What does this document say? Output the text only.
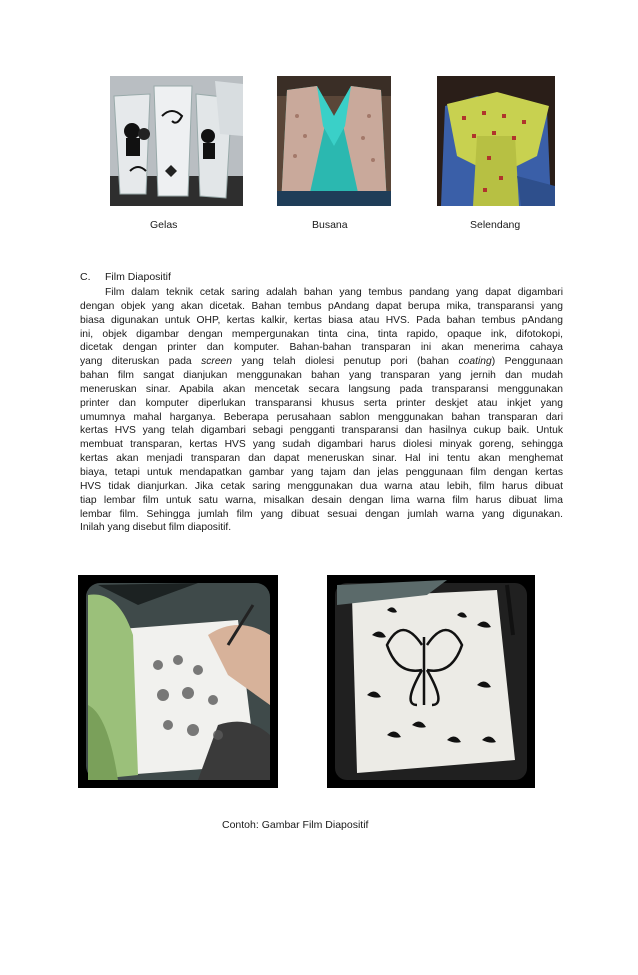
Gelas	Busana	Selendang
C. Film Diapositif
Film dalam teknik cetak saring adalah bahan yang tembus pandang yang dapat digambari
dengan objek yang akan dicetak. Bahan tembus pAndang dapat berupa mika, transparansi yang
biasa digunakan untuk OHP, kertas kalkir, kertas biasa atau HVS. Pada bahan tembus pAndang
ini, objek digambar dengan mempergunakan tinta cina, tinta rapido, opaque ink, difotokopi,
dicetak dengan printer dan komputer. Bahan-bahan transparan ini akan menerima cahaya
yang diteruskan pada screen yang telah diolesi penutup pori (bahan coating) Penggunaan
bahan film sangat dianjukan menggunakan bahan yang transparan yang jernih dan mudah
meneruskan sinar. Apabila akan mencetak secara langsung pada transparansi menggunakan
printer dan komputer diperlukan transparansi khusus serta printer deskjet atau inkjet yang
umumnya mahal harganya. Beberapa perusahaan sablon menggunakan bahan transparan dari
kertas HVS yang telah digambari sebagi pengganti transparansi dan hasilnya cukup baik. Untuk
membuat transparan, kertas HVS yang sudah digambari harus diolesi minyak goreng, sehingga
kertas akan menjadi transparan dan dapat meneruskan sinar. Hal ini tentu akan menghemat
biaya, tetapi untuk mendapatkan gambar yang tajam dan jelas penggunaan film dengan kertas
HVS tidak dianjurkan. Jika cetak saring menggunakan dua warna atau lebih, film harus dibuat
tiap lembar film untuk satu warna, misalkan desain dengan lima warna film harus dibuat lima
lembar film. Sehingga jumlah film yang dibuat sesuai dengan jumlah warna yang digunakan.
Inilah yang disebut film diapositif.
Contoh: Gambar Film Diapositif
